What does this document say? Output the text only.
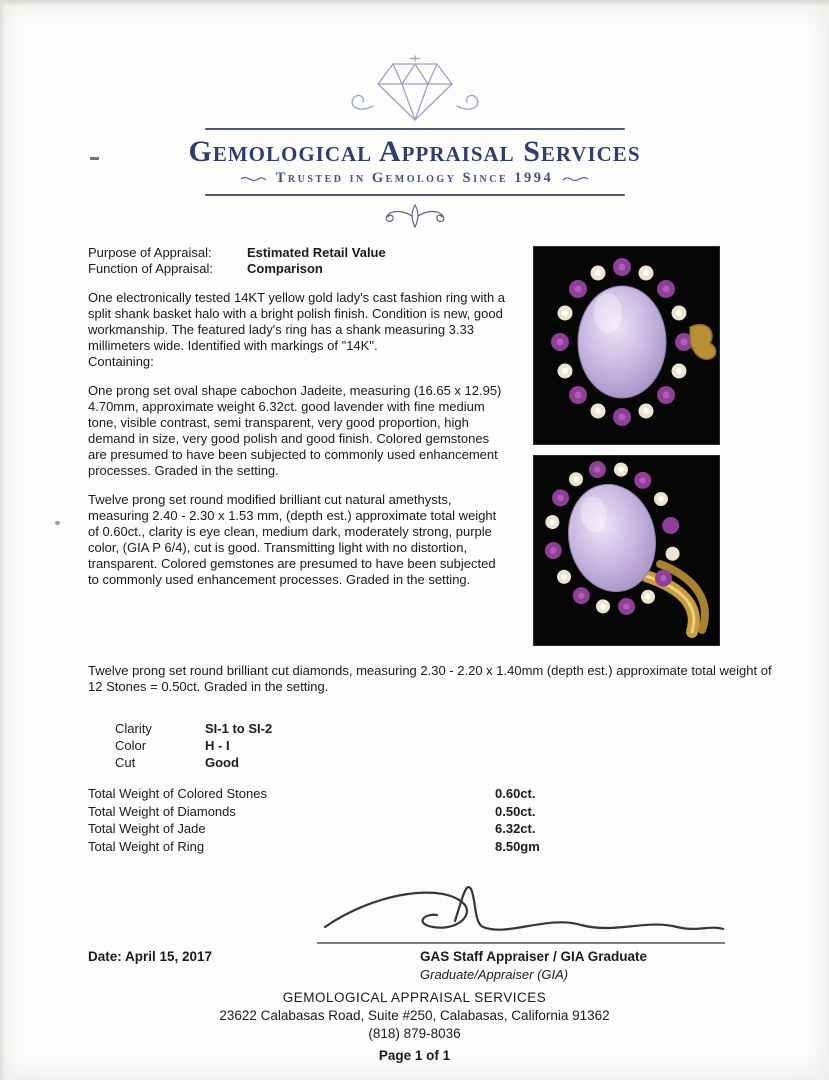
Gemological Appraisal Services
Trusted in Gemology Since 1994
Purpose of Appraisal:	Estimated Retail Value
Function of Appraisal:	Comparison

One electronically tested 14KT yellow gold lady's cast fashion ring with a split shank basket halo with a bright polish finish. Condition is new, good workmanship. The featured lady's ring has a shank measuring 3.33 millimeters wide. Identified with markings of "14K".

Containing:

One prong set oval shape cabochon Jadeite, measuring (16.65 x 12.95) 4.70mm, approximate weight 6.32ct. good lavender with fine medium tone, visible contrast, semi transparent, very good proportion, high demand in size, very good polish and good finish. Colored gemstones are presumed to have been subjected to commonly used enhancement processes. Graded in the setting.

Twelve prong set round modified brilliant cut natural amethysts, measuring 2.40 - 2.30 x 1.53 mm, (depth est.) approximate total weight of 0.60ct., clarity is eye clean, medium dark, moderately strong, purple color, (GIA P 6/4), cut is good. Transmitting light with no distortion, transparent. Colored gemstones are presumed to have been subjected to commonly used enhancement processes. Graded in the setting.

Twelve prong set round brilliant cut diamonds, measuring 2.30 - 2.20 x 1.40mm (depth est.) approximate total weight of 12 Stones = 0.50ct. Graded in the setting.

Clarity	SI-1 to SI-2
Color	H - I
Cut	Good
Total Weight of Colored Stones	0.60ct.
Total Weight of Diamonds	0.50ct.
Total Weight of Jade	6.32ct.
Total Weight of Ring	8.50gm
Date: April 15, 2017	GAS Staff Appraiser / GIA Graduate
Graduate/Appraiser (GIA)
GEMOLOGICAL APPRAISAL SERVICES
23622 Calabasas Road, Suite #250, Calabasas, California 91362
(818) 879-8036
Page 1 of 1
